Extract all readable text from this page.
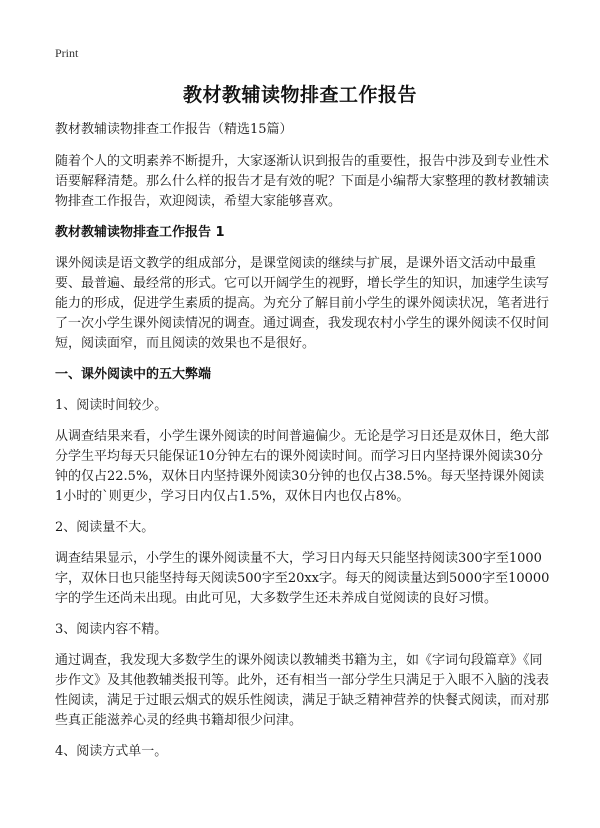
Print
教材教辅读物排查工作报告

教材教辅读物排查工作报告（精选15篇）

随着个人的文明素养不断提升，大家逐渐认识到报告的重要性，报告中涉及到专业性术语要解释清楚。那么什么样的报告才是有效的呢？下面是小编帮大家整理的教材教辅读物排查工作报告，欢迎阅读，希望大家能够喜欢。

教材教辅读物排查工作报告 1

课外阅读是语文教学的组成部分，是课堂阅读的继续与扩展，是课外语文活动中最重要、最普遍、最经常的形式。它可以开阔学生的视野，增长学生的知识，加速学生读写能力的形成，促进学生素质的提高。为充分了解目前小学生的课外阅读状况，笔者进行了一次小学生课外阅读情况的调查。通过调查，我发现农村小学生的课外阅读不仅时间短，阅读面窄，而且阅读的效果也不是很好。

一、课外阅读中的五大弊端

1、阅读时间较少。

从调查结果来看，小学生课外阅读的时间普遍偏少。无论是学习日还是双休日，绝大部分学生平均每天只能保证10分钟左右的课外阅读时间。而学习日内坚持课外阅读30分钟的仅占22.5%，双休日内坚持课外阅读30分钟的也仅占38.5%。每天坚持课外阅读1小时的`则更少，学习日内仅占1.5%，双休日内也仅占8%。

2、阅读量不大。

调查结果显示，小学生的课外阅读量不大，学习日内每天只能坚持阅读300字至1000字，双休日也只能坚持每天阅读500字至20xx字。每天的阅读量达到5000字至10000字的学生还尚未出现。由此可见，大多数学生还未养成自觉阅读的良好习惯。

3、阅读内容不精。

通过调查，我发现大多数学生的课外阅读以教辅类书籍为主，如《字词句段篇章》《同步作文》及其他教辅类报刊等。此外，还有相当一部分学生只满足于入眼不入脑的浅表性阅读，满足于过眼云烟式的娱乐性阅读，满足于缺乏精神营养的快餐式阅读，而对那些真正能滋养心灵的经典书籍却很少问津。

4、阅读方式单一。
